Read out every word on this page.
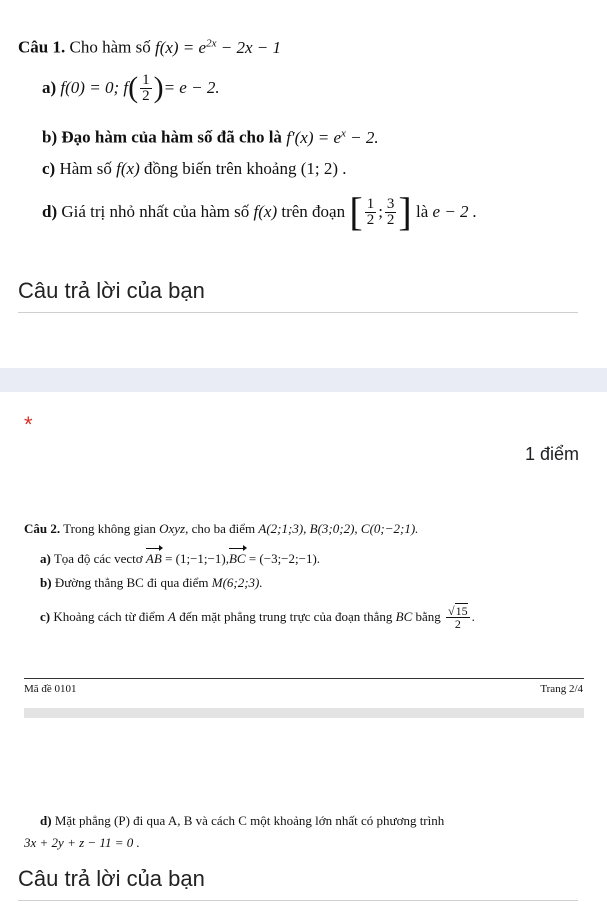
Câu 1. Cho hàm số $f(x) = e^{2x} - 2x - 1$
a)
f(0) = 0; f ( $\frac{1}{2}$ ) = e − 2.
b) Đạo hàm của hàm số đã cho là $f'(x) = e^x - 2$.
c) Hàm số f(x) đồng biến trên khoảng (1; 2) .
d)
Giá trị nhỏ nhất của hàm số
f(x)
trên đoạn
[ $\frac{1}{2}$ ; $\frac{3}{2}$ ]
là
e − 2 .
Câu trả lời của bạn
*
1 điểm
Câu 2. Trong không gian Oxyz, cho ba điểm A(2;1;3), B(3;0;2), C(0;−2;1).
a) Tọa độ các vectơ AB = (1;−1;−1),BC = (−3;−2;−1).
b) Đường thẳng BC đi qua điểm M(6;2;3).
c)
Khoảng cách từ điểm
A
đến mặt phẳng trung trực của đoạn thẳng
BC
bằng
$\frac{√15}{2}$ .
Mã đề 0101	Trang 2/4
d) Mặt phẳng (P) đi qua A, B và cách C một khoảng lớn nhất có phương trình
3x + 2y + z − 11 = 0 .
Câu trả lời của bạn
